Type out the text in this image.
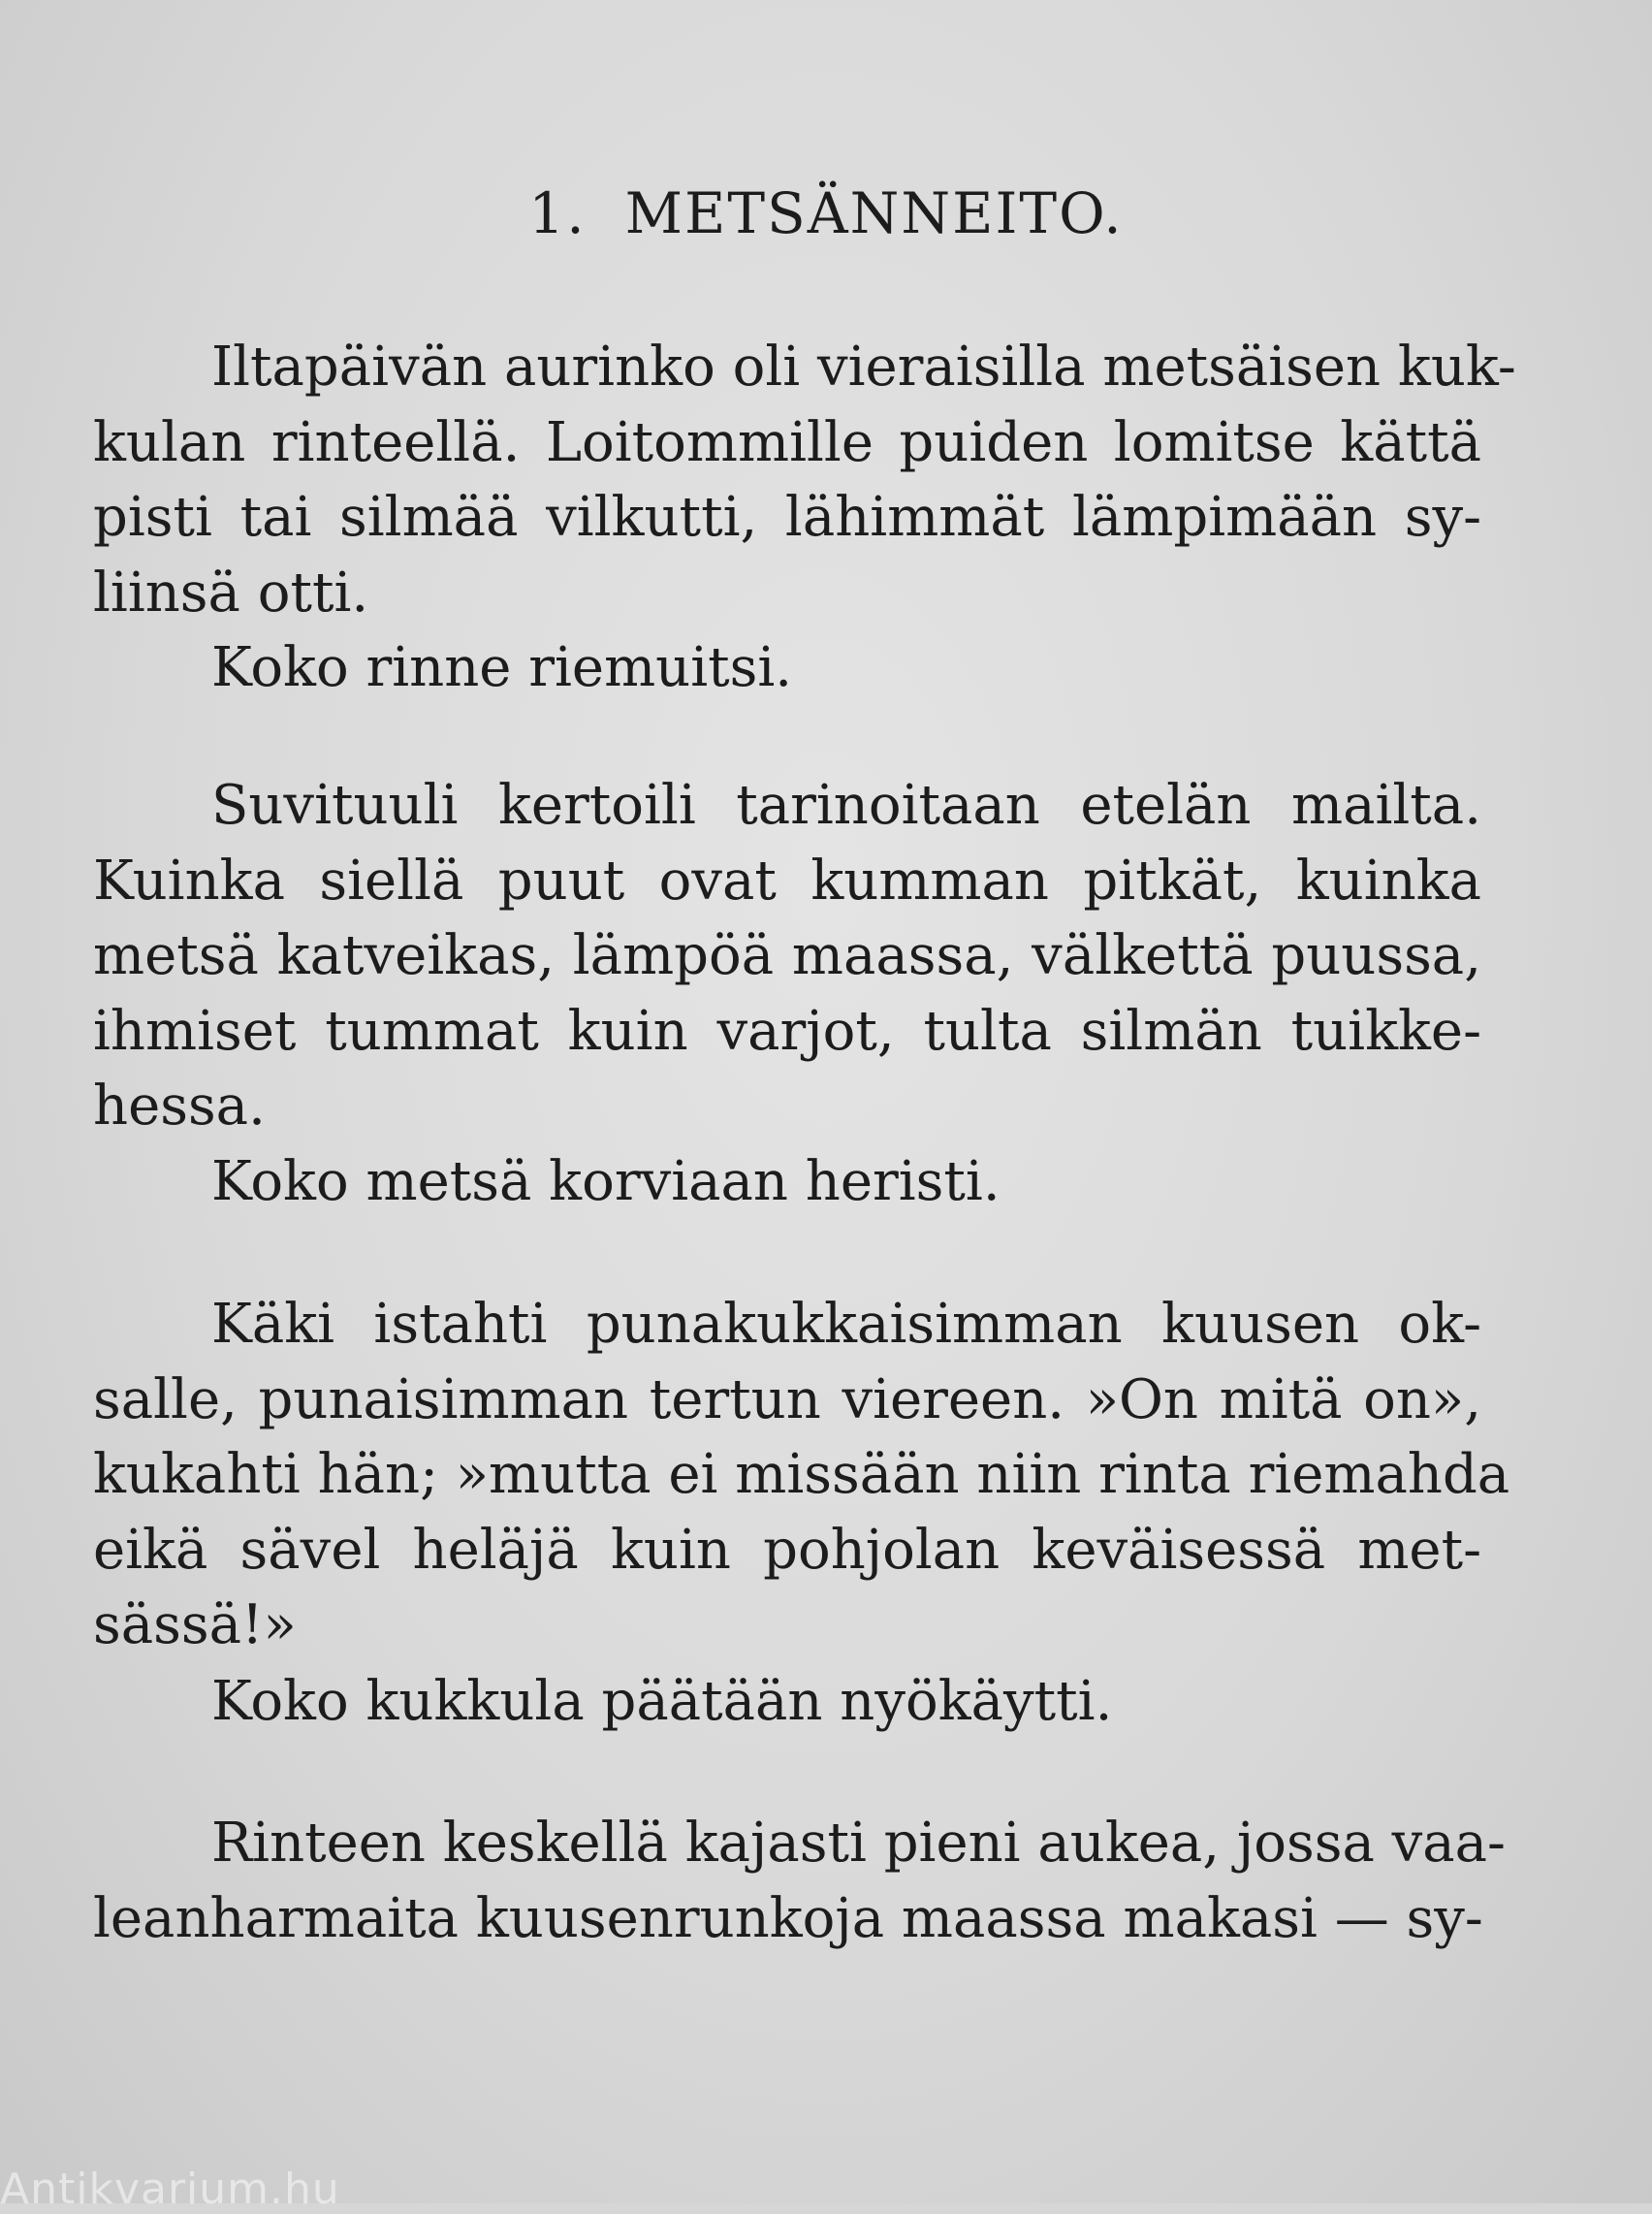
1. METSÄNNEITO.
Iltapäivän aurinko oli vieraisilla metsäisen kuk-
kulan rinteellä. Loitommille puiden lomitse kättä
pisti tai silmää vilkutti, lähimmät lämpimään sy-
liinsä otti.
Koko rinne riemuitsi.
Suvituuli kertoili tarinoitaan etelän mailta.
Kuinka siellä puut ovat kumman pitkät, kuinka
metsä katveikas, lämpöä maassa, välkettä puussa,
ihmiset tummat kuin varjot, tulta silmän tuikke-
hessa.
Koko metsä korviaan heristi.
Käki istahti punakukkaisimman kuusen ok-
salle, punaisimman tertun viereen. »On mitä on»,
kukahti hän; »mutta ei missään niin rinta riemahda
eikä sävel heläjä kuin pohjolan keväisessä met-
sässä!»
Koko kukkula päätään nyökäytti.
Rinteen keskellä kajasti pieni aukea, jossa vaa-
leanharmaita kuusenrunkoja maassa makasi — sy-
Antikvarium.hu
